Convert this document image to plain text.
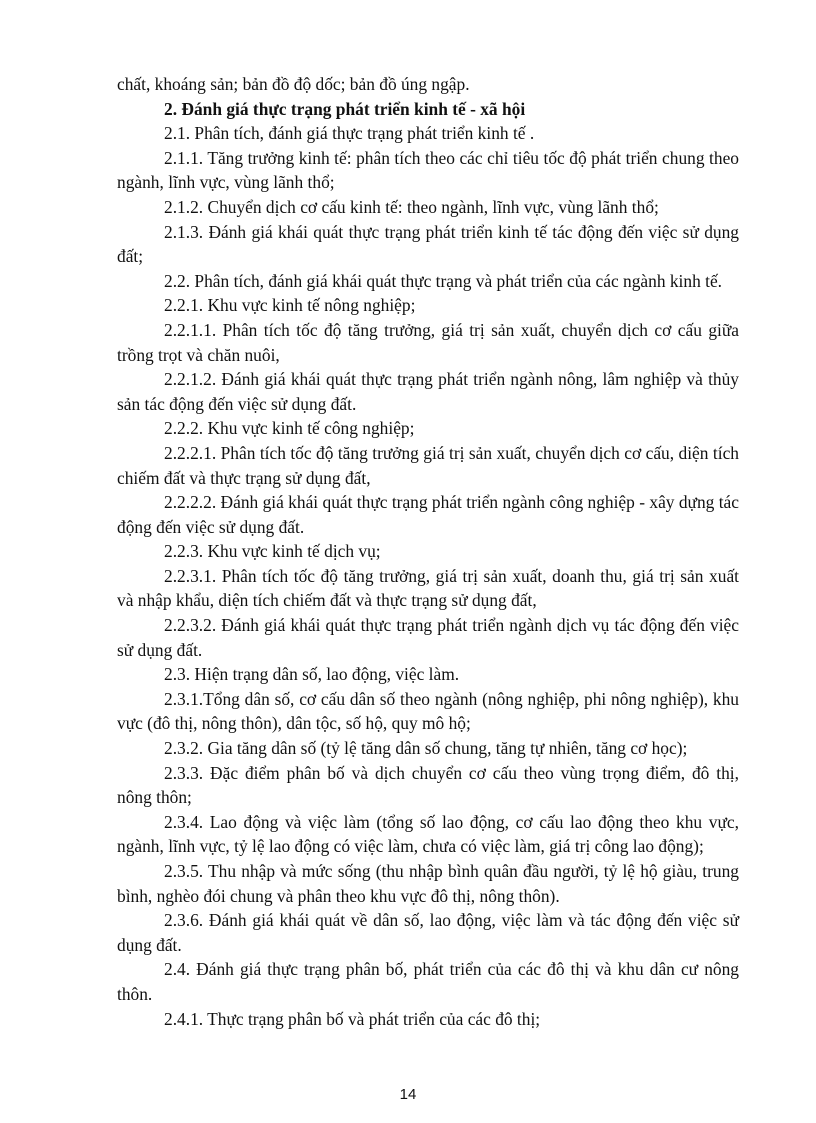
chất, khoáng sản; bản đồ độ dốc; bản đồ úng ngập.

2. Đánh giá thực trạng phát triển kinh tế - xã hội

2.1. Phân tích, đánh giá thực trạng phát triển kinh tế .

2.1.1. Tăng trưởng kinh tế: phân tích theo các chỉ tiêu tốc độ phát triển chung theo ngành, lĩnh vực, vùng lãnh thổ;

2.1.2. Chuyển dịch cơ cấu kinh tế: theo ngành, lĩnh vực, vùng lãnh thổ;

2.1.3. Đánh giá khái quát thực trạng phát triển kinh tế tác động đến việc sử dụng đất;

2.2. Phân tích, đánh giá khái quát thực trạng và phát triển của các ngành kinh tế.

2.2.1. Khu vực kinh tế nông nghiệp;

2.2.1.1. Phân tích tốc độ tăng trưởng, giá trị sản xuất, chuyển dịch cơ cấu giữa trồng trọt và chăn nuôi,

2.2.1.2. Đánh giá khái quát thực trạng phát triển ngành nông, lâm nghiệp và thủy sản tác động đến việc sử dụng đất.

2.2.2. Khu vực kinh tế công nghiệp;

2.2.2.1. Phân tích tốc độ tăng trưởng giá trị sản xuất, chuyển dịch cơ cấu, diện tích chiếm đất và thực trạng sử dụng đất,

2.2.2.2. Đánh giá khái quát thực trạng phát triển ngành công nghiệp - xây dựng tác động đến việc sử dụng đất.

2.2.3. Khu vực kinh tế dịch vụ;

2.2.3.1. Phân tích tốc độ tăng trưởng, giá trị sản xuất, doanh thu, giá trị sản xuất và nhập khẩu, diện tích chiếm đất và thực trạng sử dụng đất,

2.2.3.2. Đánh giá khái quát thực trạng phát triển ngành dịch vụ tác động đến việc sử dụng đất.

2.3. Hiện trạng dân số, lao động, việc làm.

2.3.1.Tổng dân số, cơ cấu dân số theo ngành (nông nghiệp, phi nông nghiệp), khu vực (đô thị, nông thôn), dân tộc, số hộ, quy mô hộ;

2.3.2. Gia tăng dân số (tỷ lệ tăng dân số chung, tăng tự nhiên, tăng cơ học);

2.3.3. Đặc điểm phân bố và dịch chuyển cơ cấu theo vùng trọng điểm, đô thị, nông thôn;

2.3.4. Lao động và việc làm (tổng số lao động, cơ cấu lao động theo khu vực, ngành, lĩnh vực, tỷ lệ lao động có việc làm, chưa có việc làm, giá trị công lao động);

2.3.5. Thu nhập và mức sống (thu nhập bình quân đầu người, tỷ lệ hộ giàu, trung bình, nghèo đói chung và phân theo khu vực đô thị, nông thôn).

2.3.6. Đánh giá khái quát về dân số, lao động, việc làm và tác động đến việc sử dụng đất.

2.4. Đánh giá thực trạng phân bố, phát triển của các đô thị và khu dân cư nông thôn.

2.4.1. Thực trạng phân bố và phát triển của các đô thị;

14
